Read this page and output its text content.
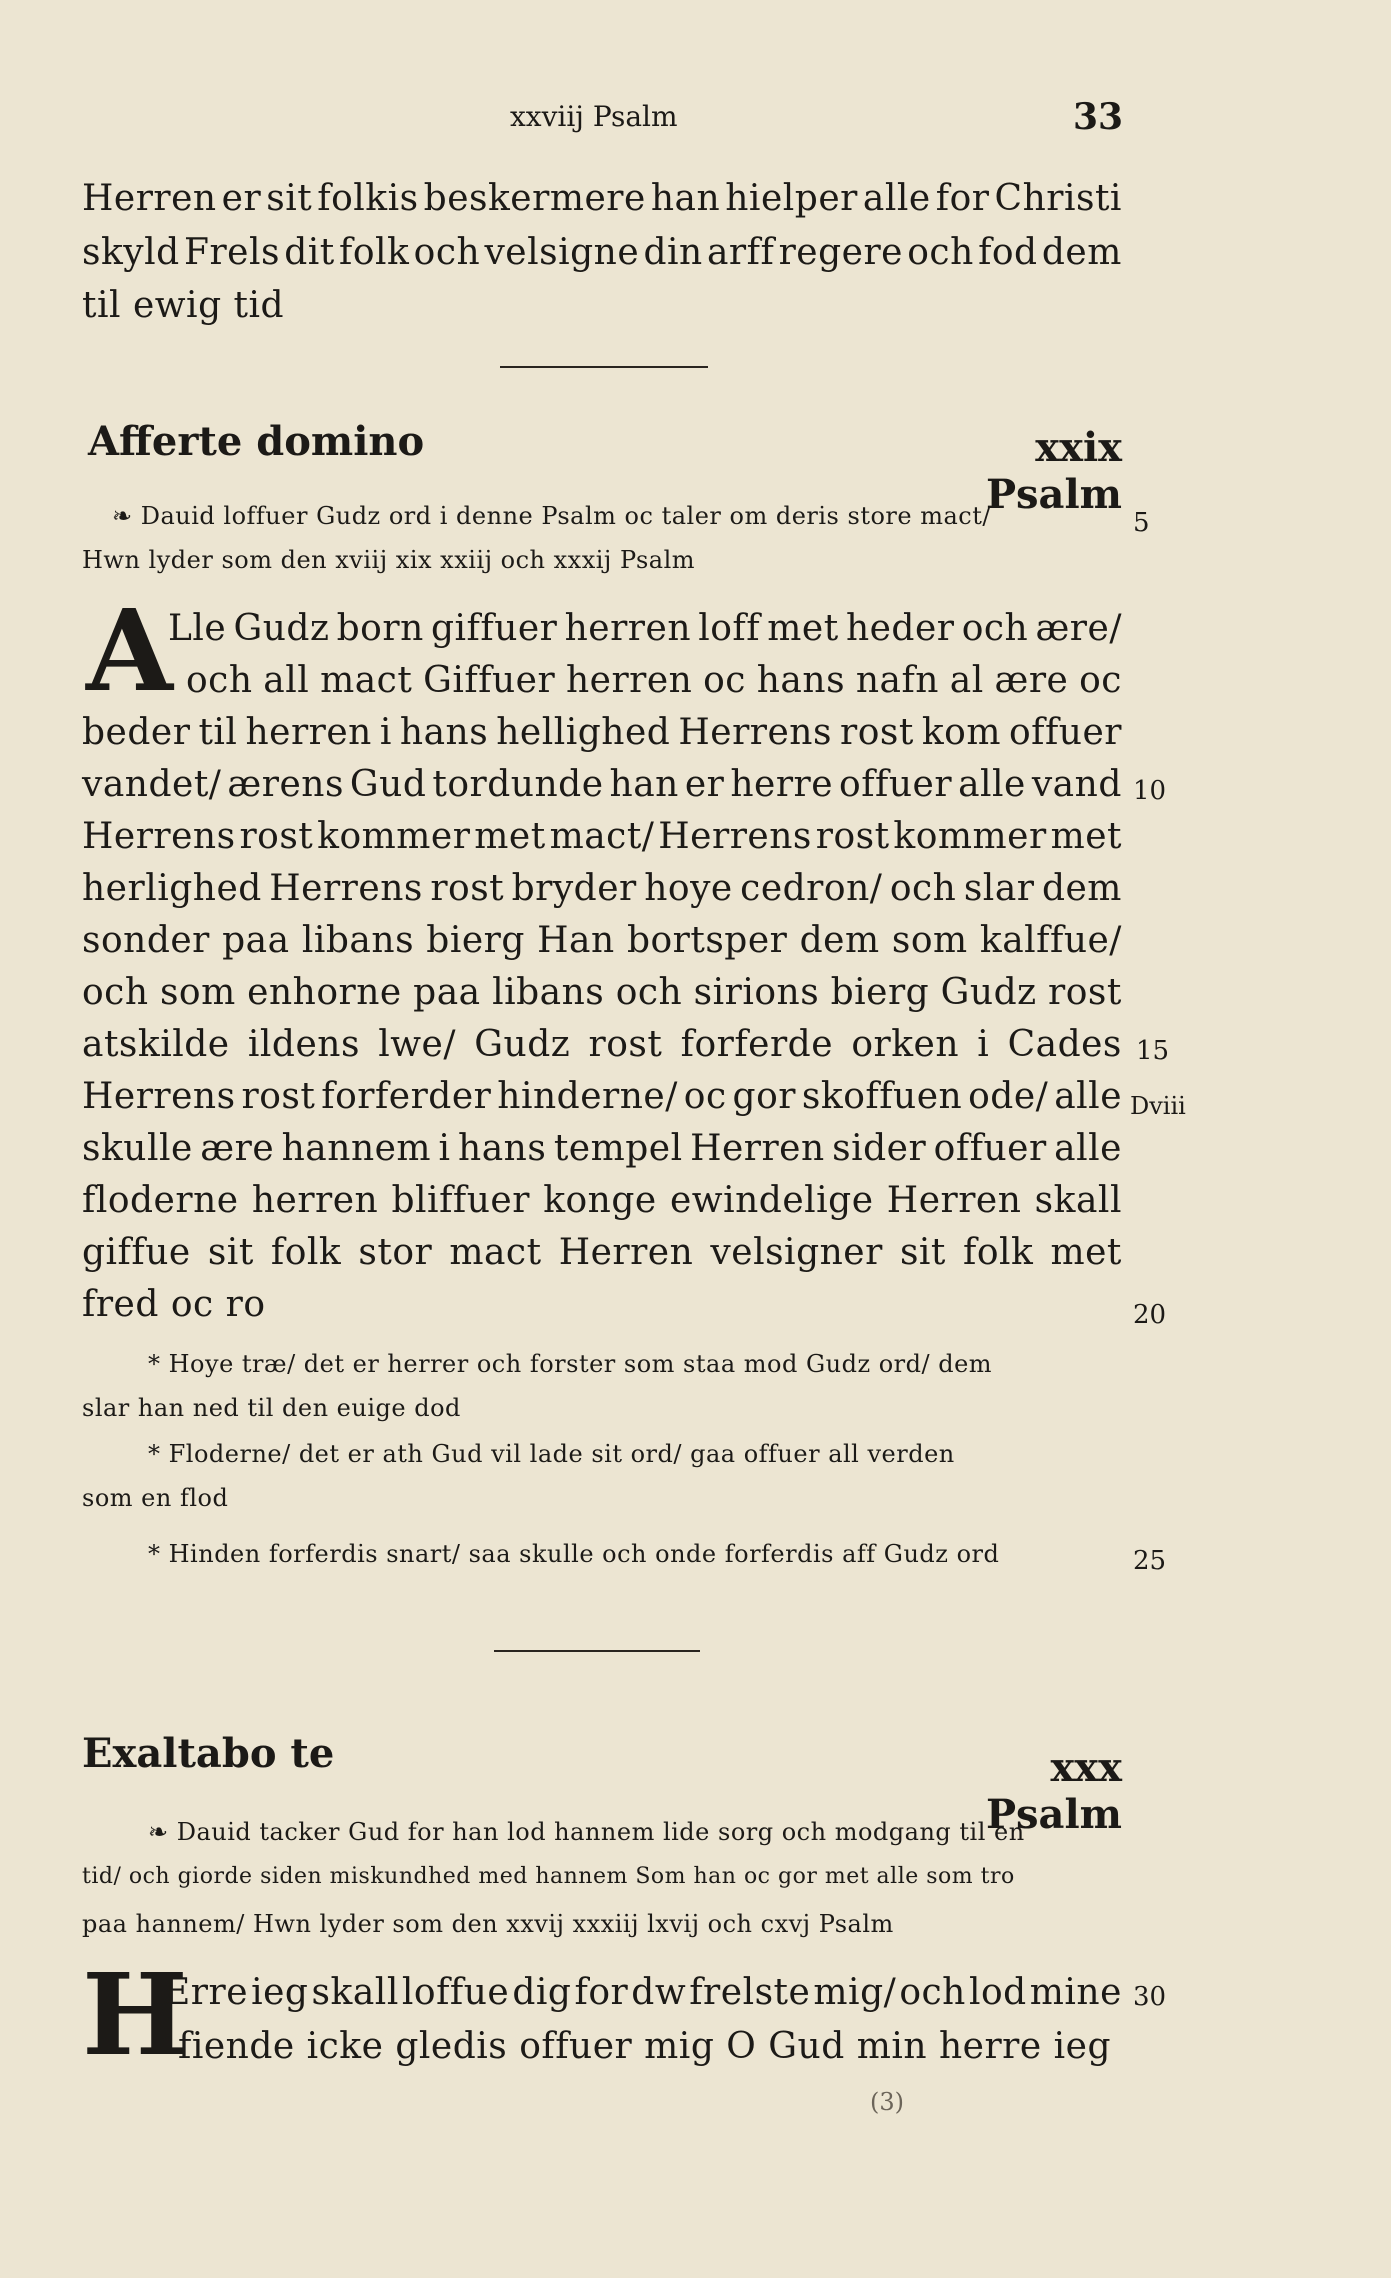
xxviij Psalm	33
Herren er sit folkis beskermere han hielper alle for Christi
skyld Frels dit folk och velsigne din arff regere och fod dem
til ewig tid
Afferte domino	xxix Psalm
❧ Dauid loffuer Gudz ord i denne Psalm oc taler om deris store mact/
Hwn lyder som den xviij xix xxiij och xxxij Psalm
A
Lle Gudz born giffuer herren loff met heder och ære/
och all mact Giffuer herren oc hans nafn al ære oc
beder til herren i hans hellighed Herrens rost kom offuer
vandet/ ærens Gud tordunde han er herre offuer alle vand
Herrens rost kommer met mact/ Herrens rost kommer met
herlighed Herrens rost bryder hoye cedron/ och slar dem
sonder paa libans bierg Han bortsper dem som kalffue/
och som enhorne paa libans och sirions bierg Gudz rost
atskilde ildens lwe/ Gudz rost forferde orken i Cades
Herrens rost forferder hinderne/ oc gor skoffuen ode/ alle
skulle ære hannem i hans tempel Herren sider offuer alle
floderne herren bliffuer konge ewindelige Herren skall
giffue sit folk stor mact Herren velsigner sit folk met
fred oc ro
* Hoye træ/ det er herrer och forster som staa mod Gudz ord/ dem
slar han ned til den euige dod
* Floderne/ det er ath Gud vil lade sit ord/ gaa offuer all verden
som en flod
* Hinden forferdis snart/ saa skulle och onde forferdis aff Gudz ord
Exaltabo te	xxx Psalm
❧ Dauid tacker Gud for han lod hannem lide sorg och modgang til en
tid/ och giorde siden miskundhed med hannem Som han oc gor met alle som tro
paa hannem/ Hwn lyder som den xxvij xxxiij lxvij och cxvj Psalm
H
Erre ieg skall loffue dig for dw frelste mig/ och lod mine
fiende icke gledis offuer mig O Gud min herre ieg
5
10
15
Dviii
20
25
30
(3)
